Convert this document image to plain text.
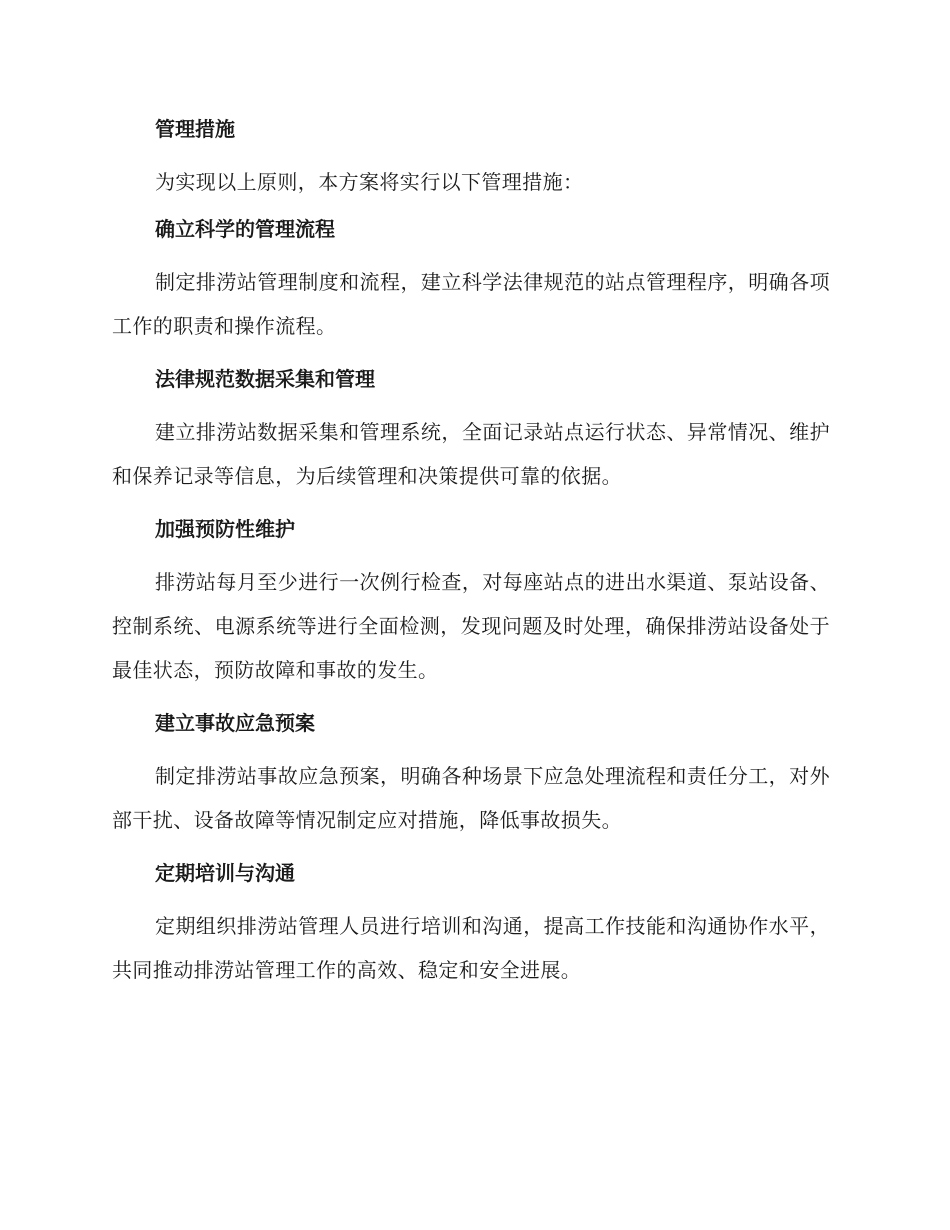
管理措施

为实现以上原则，本方案将实行以下管理措施：

确立科学的管理流程

制定排涝站管理制度和流程，建立科学法律规范的站点管理程序，明确各项工作的职责和操作流程。

法律规范数据采集和管理

建立排涝站数据采集和管理系统，全面记录站点运行状态、异常情况、维护和保养记录等信息，为后续管理和决策提供可靠的依据。

加强预防性维护

排涝站每月至少进行一次例行检查，对每座站点的进出水渠道、泵站设备、控制系统、电源系统等进行全面检测，发现问题及时处理，确保排涝站设备处于最佳状态，预防故障和事故的发生。

建立事故应急预案

制定排涝站事故应急预案，明确各种场景下应急处理流程和责任分工，对外部干扰、设备故障等情况制定应对措施，降低事故损失。

定期培训与沟通

定期组织排涝站管理人员进行培训和沟通，提高工作技能和沟通协作水平，共同推动排涝站管理工作的高效、稳定和安全进展。
